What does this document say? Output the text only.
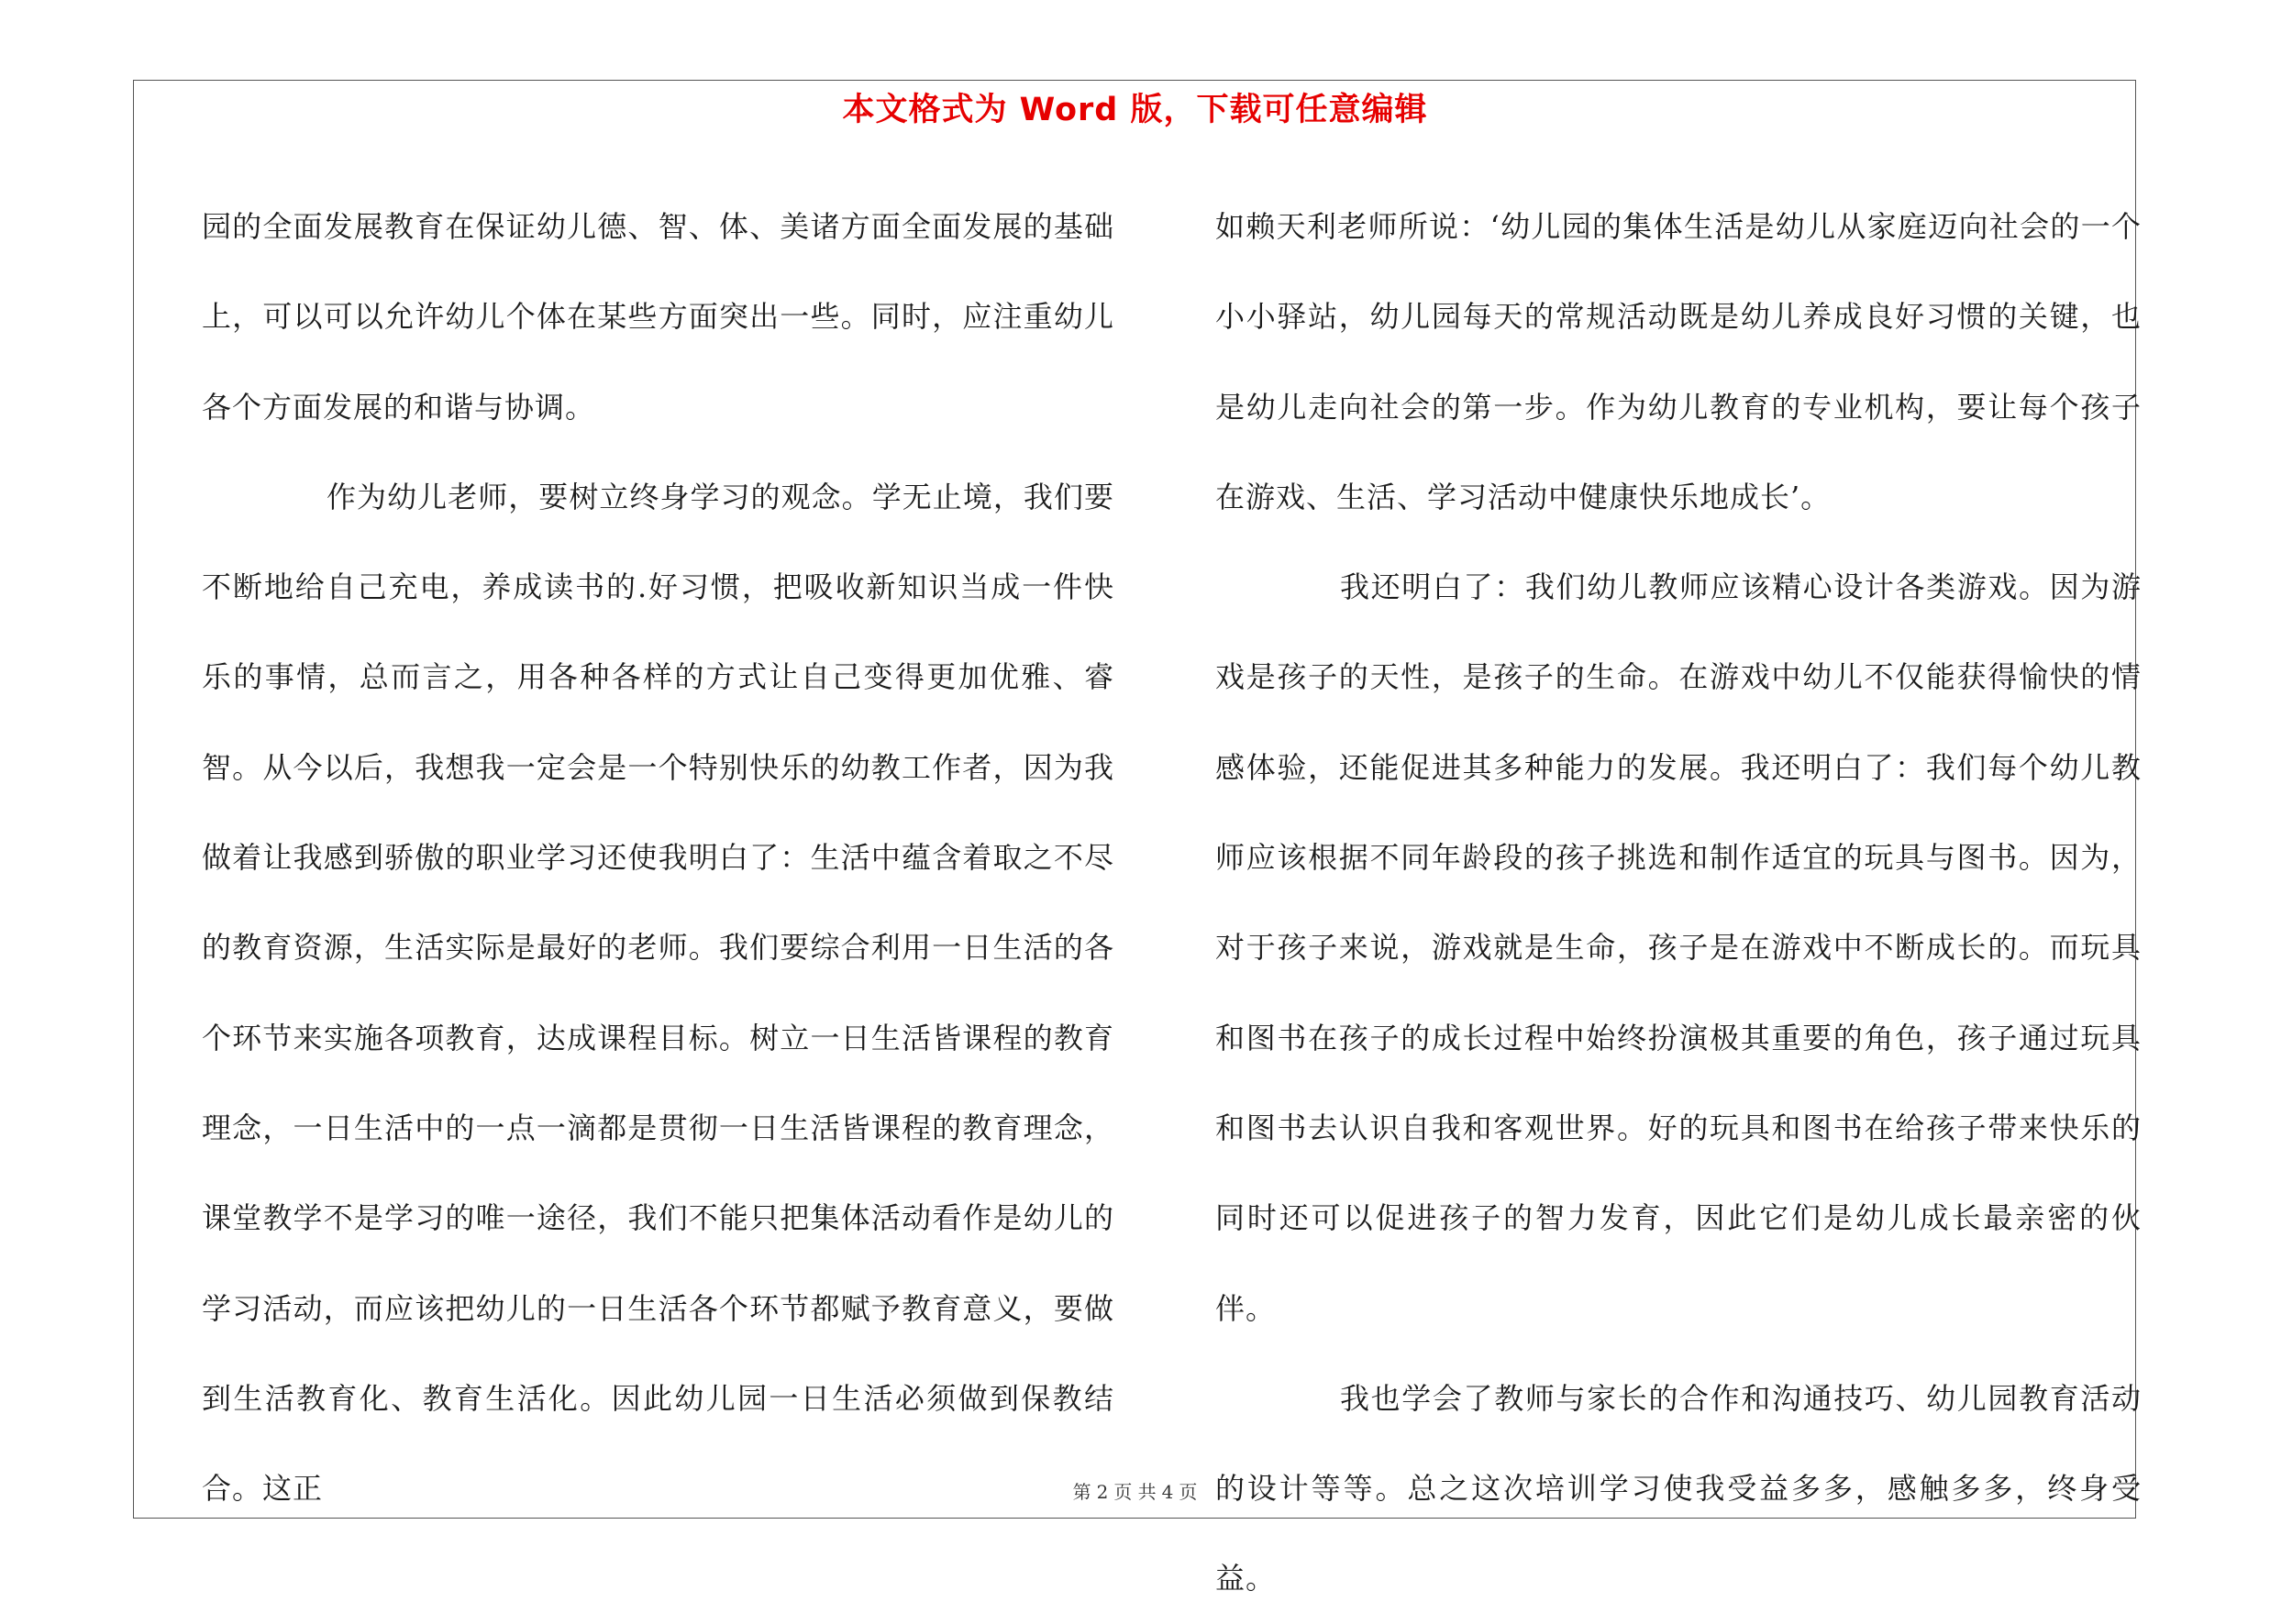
本文格式为 Word 版，下载可任意编辑

园的全面发展教育在保证幼儿德、智、体、美诸方面全面发展的基础上，可以可以允许幼儿个体在某些方面突出一些。同时，应注重幼儿各个方面发展的和谐与协调。

作为幼儿老师，要树立终身学习的观念。学无止境，我们要不断地给自己充电，养成读书的.好习惯，把吸收新知识当成一件快乐的事情，总而言之，用各种各样的方式让自己变得更加优雅、睿智。从今以后，我想我一定会是一个特别快乐的幼教工作者，因为我做着让我感到骄傲的职业学习还使我明白了：生活中蕴含着取之不尽的教育资源，生活实际是最好的老师。我们要综合利用一日生活的各个环节来实施各项教育，达成课程目标。树立一日生活皆课程的教育理念，一日生活中的一点一滴都是贯彻一日生活皆课程的教育理念，课堂教学不是学习的唯一途径，我们不能只把集体活动看作是幼儿的学习活动，而应该把幼儿的一日生活各个环节都赋予教育意义，要做到生活教育化、教育生活化。因此幼儿园一日生活必须做到保教结合。这正

如赖天利老师所说：‘幼儿园的集体生活是幼儿从家庭迈向社会的一个小小驿站，幼儿园每天的常规活动既是幼儿养成良好习惯的关键，也是幼儿走向社会的第一步。作为幼儿教育的专业机构，要让每个孩子在游戏、生活、学习活动中健康快乐地成长’。

我还明白了：我们幼儿教师应该精心设计各类游戏。因为游戏是孩子的天性，是孩子的生命。在游戏中幼儿不仅能获得愉快的情感体验，还能促进其多种能力的发展。我还明白了：我们每个幼儿教师应该根据不同年龄段的孩子挑选和制作适宜的玩具与图书。因为，对于孩子来说，游戏就是生命，孩子是在游戏中不断成长的。而玩具和图书在孩子的成长过程中始终扮演极其重要的角色，孩子通过玩具和图书去认识自我和客观世界。好的玩具和图书在给孩子带来快乐的同时还可以促进孩子的智力发育，因此它们是幼儿成长最亲密的伙伴。

我也学会了教师与家长的合作和沟通技巧、幼儿园教育活动的设计等等。总之这次培训学习使我受益多多，感触多多，终身受益。

第 2 页 共 4 页
